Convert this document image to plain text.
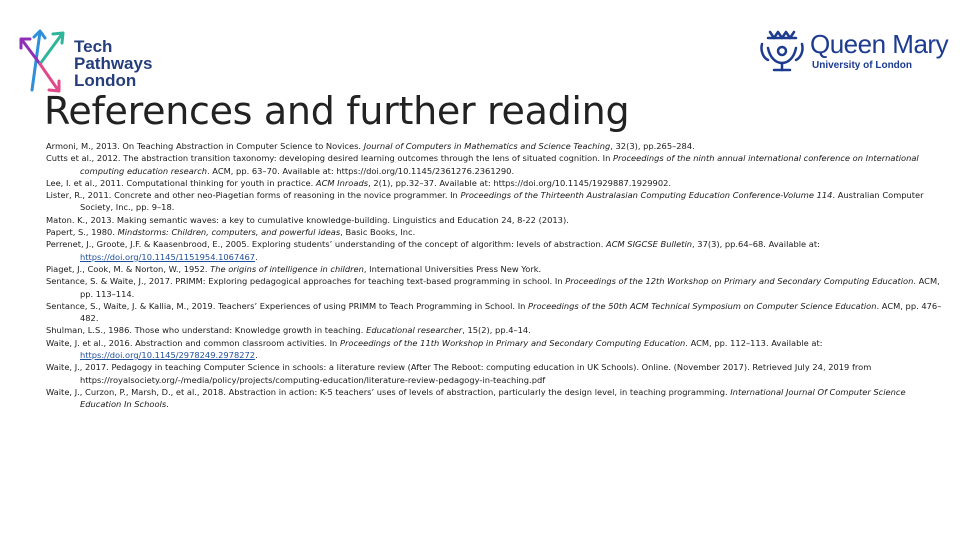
Tech
Pathways
London
Queen Mary
University of London
References and further reading

Armoni, M., 2013. On Teaching Abstraction in Computer Science to Novices. Journal of Computers in Mathematics and Science Teaching, 32(3), pp.265–284.

Cutts et al., 2012. The abstraction transition taxonomy: developing desired learning outcomes through the lens of situated cognition. In Proceedings of the ninth annual international conference on International computing education research. ACM, pp. 63–70. Available at: https://doi.org/10.1145/2361276.2361290.

Lee, I. et al., 2011. Computational thinking for youth in practice. ACM Inroads, 2(1), pp.32–37. Available at: https://doi.org/10.1145/1929887.1929902.

Lister, R., 2011. Concrete and other neo-Piagetian forms of reasoning in the novice programmer. In Proceedings of the Thirteenth Australasian Computing Education Conference-Volume 114. Australian Computer Society, Inc., pp. 9–18.

Maton. K., 2013. Making semantic waves: a key to cumulative knowledge-building. Linguistics and Education 24, 8-22 (2013).

Papert, S., 1980. Mindstorms: Children, computers, and powerful ideas, Basic Books, Inc.

Perrenet, J., Groote, J.F. & Kaasenbrood, E., 2005. Exploring students’ understanding of the concept of algorithm: levels of abstraction. ACM SIGCSE Bulletin, 37(3), pp.64–68. Available at: https://doi.org/10.1145/1151954.1067467.

Piaget, J., Cook, M. & Norton, W., 1952. The origins of intelligence in children, International Universities Press New York.

Sentance, S. & Waite, J., 2017. PRIMM: Exploring pedagogical approaches for teaching text-based programming in school. In Proceedings of the 12th Workshop on Primary and Secondary Computing Education. ACM, pp. 113–114.

Sentance, S., Waite, J. & Kallia, M., 2019. Teachers’ Experiences of using PRIMM to Teach Programming in School. In Proceedings of the 50th ACM Technical Symposium on Computer Science Education. ACM, pp. 476–482.

Shulman, L.S., 1986. Those who understand: Knowledge growth in teaching. Educational researcher, 15(2), pp.4–14.

Waite, J. et al., 2016. Abstraction and common classroom activities. In Proceedings of the 11th Workshop in Primary and Secondary Computing Education. ACM, pp. 112–113. Available at: https://doi.org/10.1145/2978249.2978272.

Waite, J., 2017. Pedagogy in teaching Computer Science in schools: a literature review (After The Reboot: computing education in UK Schools). Online. (November 2017). Retrieved July 24, 2019 from https://royalsociety.org/-/media/policy/projects/computing-education/literature-review-pedagogy-in-teaching.pdf

Waite, J., Curzon, P., Marsh, D., et al., 2018. Abstraction in action: K-5 teachers’ uses of levels of abstraction, particularly the design level, in teaching programming. International Journal Of Computer Science Education In Schools.
